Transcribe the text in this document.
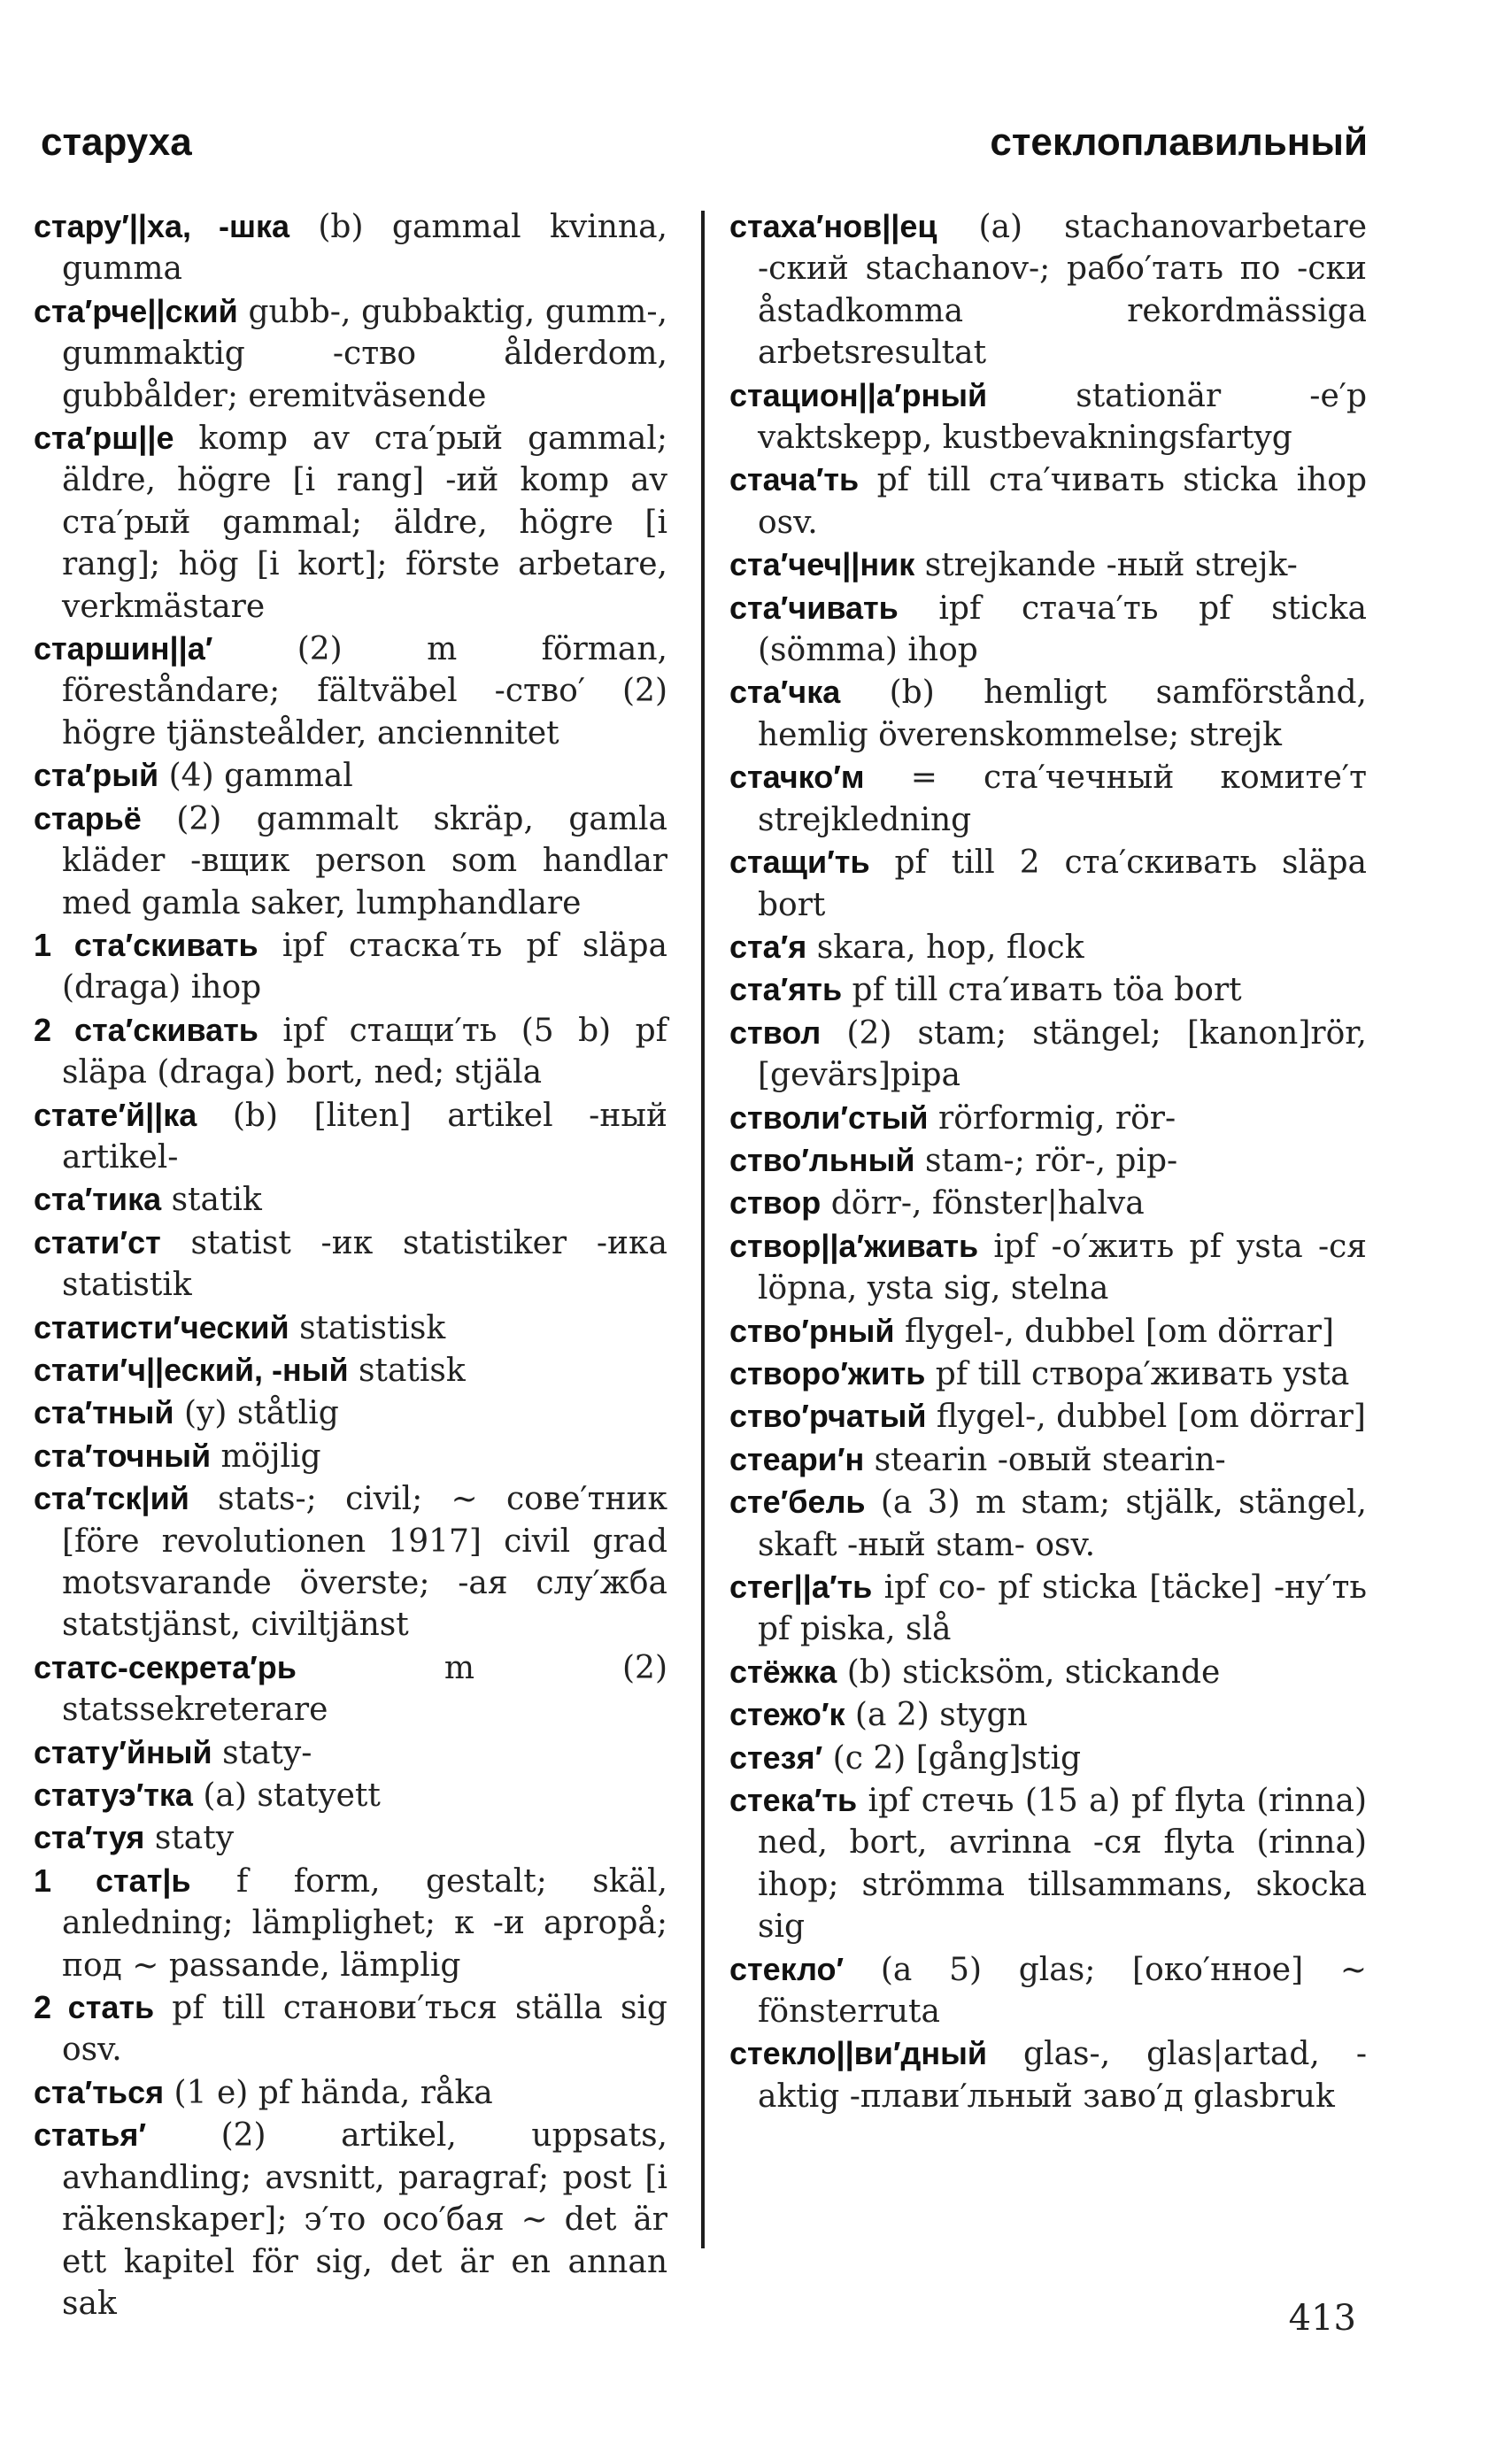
старуха	стеклоплавильный

стару′||ха, -шка (b) gammal kvinna, gumma

ста′рче||ский gubb-, gubbaktig, gumm-, gummaktig -ство ålderdom, gubbålder; eremitväsende

ста′рш||е komp av ста′рый gammal; äldre, högre [i rang] -ий komp av ста′рый gammal; äldre, högre [i rang]; hög [i kort]; förste arbetare, verkmästare

старшин||а′	(2) m förman, föreståndare; fältväbel -ство′ (2) högre tjänsteålder, anciennitet

ста′рый (4) gammal

старьё (2) gammalt skräp, gamla kläder -вщик person som handlar med gamla saker, lumphandlare

1 ста′скивать ipf стаска′ть pf släpa (draga) ihop

2 ста′скивать ipf стащи′ть (5 b) pf släpa (draga) bort, ned; stjäla

стате′й||ка (b) [liten] artikel -ный artikel-

ста′тика statik

стати′ст statist -ик statistiker -ика statistik

статисти′ческий statistisk

стати′ч||еский, -ный statisk

ста′тный (y) ståtlig

ста′точный möjlig

ста′тск|ий stats-; civil; ~ сове′тник [före revolutionen 1917] civil grad motsvarande överste; -ая слу′жба statstjänst, civiltjänst

статс-секрета′рь	m (2) statssekreterare

стату′йный staty-

статуэ′тка (a) statyett

ста′туя staty

1 стат|ь f form, gestalt; skäl, anledning; lämplighet; к -и apropå; под ~ passande, lämplig

2 стать pf till станови′ться ställa sig osv.

ста′ться (1 e) pf hända, råka

статья′ (2) artikel, uppsats, avhandling; avsnitt, paragraf; post [i räkenskaper]; э′то осо′бая ~ det är ett kapitel för sig, det är en annan sak

стаха′нов||ец (a) stachanovarbetare -ский stachanov-; рабо′тать по -ски åstadkomma rekordmässiga arbetsresultat

стацион||а′рный	stationär -е′р vaktskepp, kustbevakningsfartyg

стача′ть pf till ста′чивать sticka ihop osv.

ста′чеч||ник strejkande -ный strejk-

ста′чивать ipf стача′ть pf sticka (sömma) ihop

ста′чка (b) hemligt samförstånd, hemlig överenskommelse; strejk

стачко′м = ста′чечный комите′т strejkledning

стащи′ть pf till 2 ста′скивать släpa bort

ста′я skara, hop, flock

ста′ять pf till ста′ивать töa bort

ствол (2) stam; stängel; [kanon]rör, [gevärs]pipa

стволи′стый rörformig, rör-

ство′льный stam-; rör-, pip-

створ dörr-, fönster|halva

створ||а′живать ipf -о′жить pf ysta -ся löpna, ysta sig, stelna

ство′рный flygel-, dubbel [om dörrar]

створо′жить pf till створа′живать ysta

ство′рчатый flygel-, dubbel [om dörrar]

стеари′н stearin -овый stearin-

сте′бель (a 3) m stam; stjälk, stängel, skaft -ный stam- osv.

стег||а′ть ipf со- pf sticka [täcke] -ну′ть pf piska, slå

стёжка (b) sticksöm, stickande

стежо′к (a 2) stygn

стезя′ (c 2) [gång]stig

стека′ть ipf стечь (15 a) pf flyta (rinna) ned, bort, avrinna -ся flyta (rinna) ihop; strömma tillsammans, skocka sig

стекло′ (a 5) glas; [око′нное] ~ fönsterruta

стекло||ви′дный glas-, glas|artad, -aktig -плави′льный заво′д glasbruk

413
